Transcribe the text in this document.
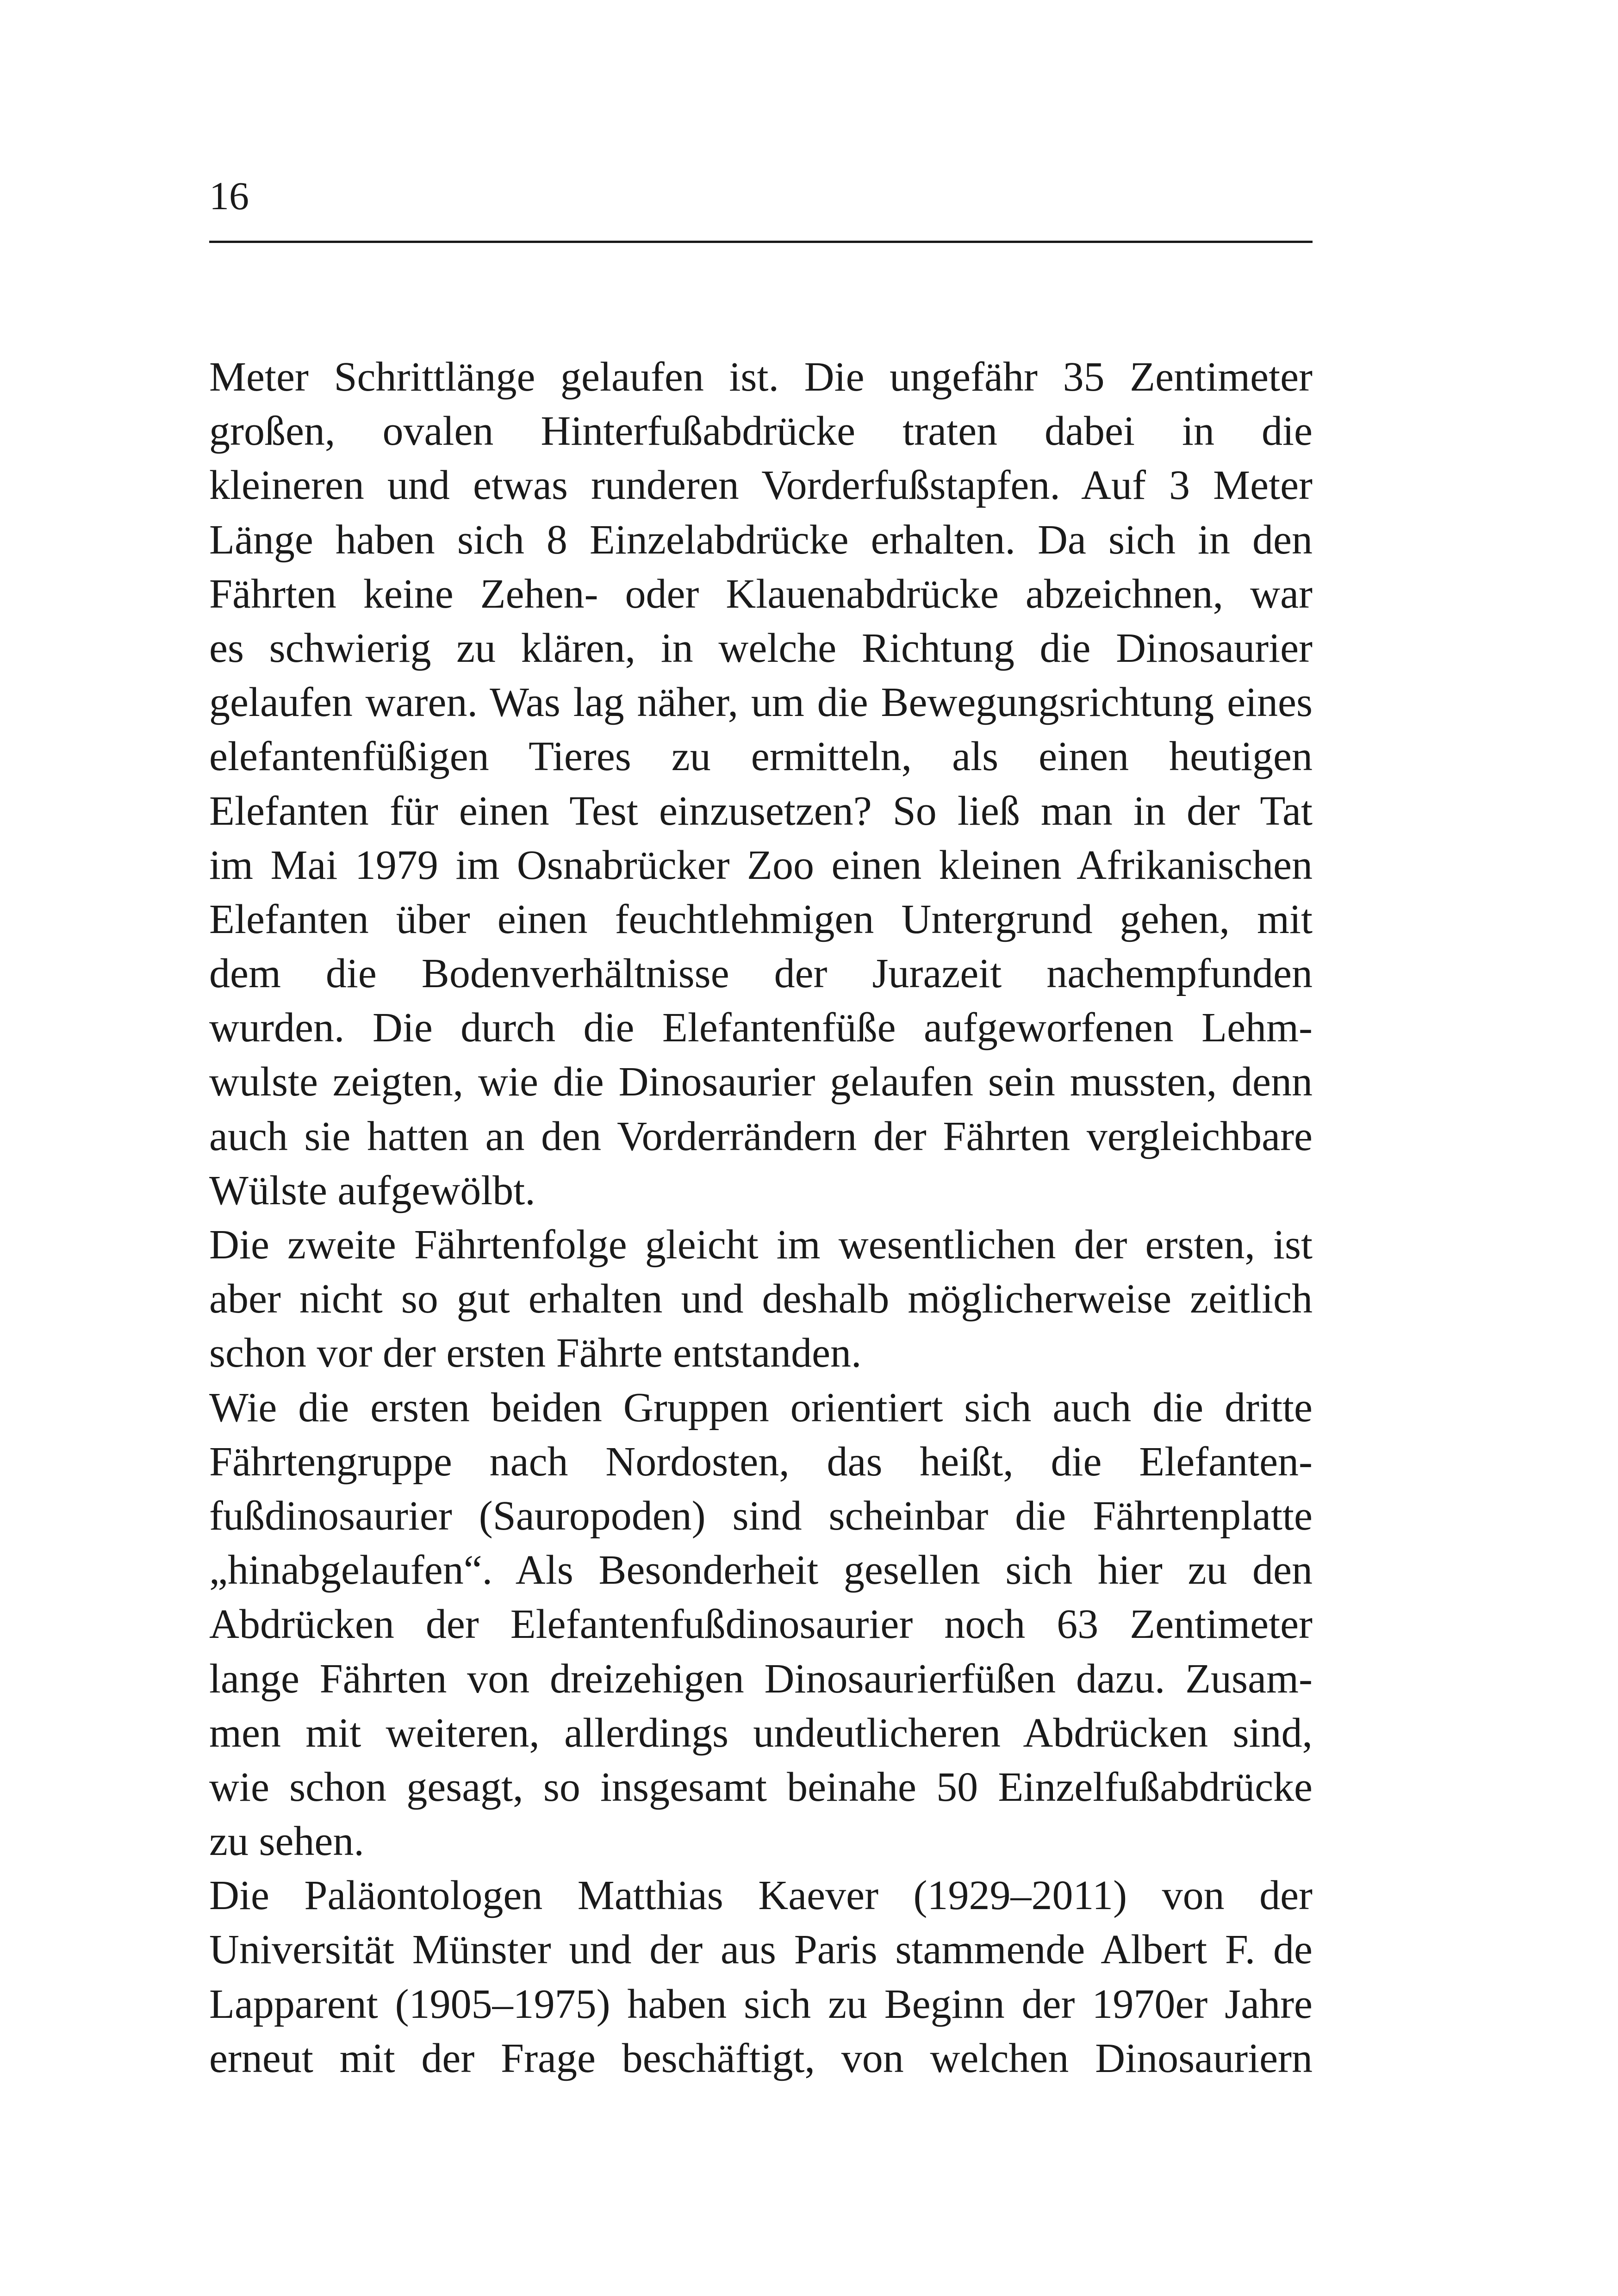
16

Meter Schrittlänge gelaufen ist. Die ungefähr 35 Zentimeter
großen, ovalen Hinterfußabdrücke traten dabei in die
kleineren und etwas runderen Vorderfußstapfen. Auf 3 Meter
Länge haben sich 8 Einzelabdrücke erhalten. Da sich in den
Fährten keine Zehen- oder Klauenabdrücke abzeichnen, war
es schwierig zu klären, in welche Richtung die Dinosaurier
gelaufen waren. Was lag näher, um die Bewegungsrichtung eines
elefantenfüßigen Tieres zu ermitteln, als einen heutigen
Elefanten für einen Test einzusetzen? So ließ man in der Tat
im Mai 1979 im Osnabrücker Zoo einen kleinen Afrikanischen
Elefanten über einen feuchtlehmigen Untergrund gehen, mit
dem die Bodenverhältnisse der Jurazeit nachempfunden
wurden. Die durch die Elefantenfüße aufgeworfenen Lehm-
wulste zeigten, wie die Dinosaurier gelaufen sein mussten, denn
auch sie hatten an den Vorderrändern der Fährten vergleichbare
Wülste aufgewölbt.
Die zweite Fährtenfolge gleicht im wesentlichen der ersten, ist
aber nicht so gut erhalten und deshalb möglicherweise zeitlich
schon vor der ersten Fährte entstanden.
Wie die ersten beiden Gruppen orientiert sich auch die dritte
Fährtengruppe nach Nordosten, das heißt, die Elefanten-
fußdinosaurier (Sauropoden) sind scheinbar die Fährtenplatte
„hinabgelaufen“. Als Besonderheit gesellen sich hier zu den
Abdrücken der Elefantenfußdinosaurier noch 63 Zentimeter
lange Fährten von dreizehigen Dinosaurierfüßen dazu. Zusam-
men mit weiteren, allerdings undeutlicheren Abdrücken sind,
wie schon gesagt, so insgesamt beinahe 50 Einzelfußabdrücke
zu sehen.
Die Paläontologen Matthias Kaever (1929–2011) von der
Universität Münster und der aus Paris stammende Albert F. de
Lapparent (1905–1975) haben sich zu Beginn der 1970er Jahre
erneut mit der Frage beschäftigt, von welchen Dinosauriern
